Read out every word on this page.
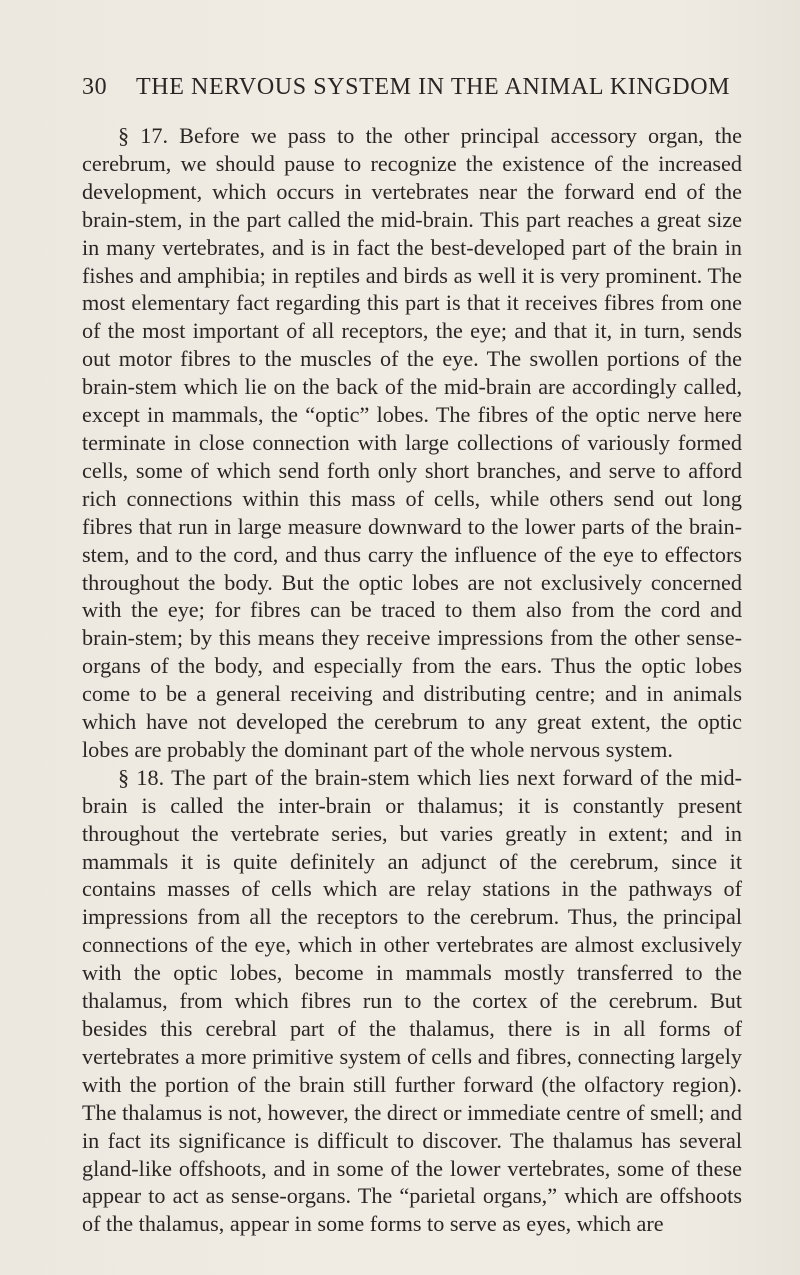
30 THE NERVOUS SYSTEM IN THE ANIMAL KINGDOM

§ 17. Before we pass to the other principal accessory organ, the cerebrum, we should pause to recognize the existence of the increased development, which occurs in vertebrates near the forward end of the brain-stem, in the part called the mid-brain. This part reaches a great size in many vertebrates, and is in fact the best-developed part of the brain in fishes and amphibia; in reptiles and birds as well it is very prominent. The most elementary fact regarding this part is that it receives fibres from one of the most important of all receptors, the eye; and that it, in turn, sends out motor fibres to the muscles of the eye. The swollen portions of the brain-stem which lie on the back of the mid-brain are accordingly called, except in mammals, the “optic” lobes. The fibres of the optic nerve here terminate in close connection with large collections of variously formed cells, some of which send forth only short branches, and serve to afford rich connections within this mass of cells, while others send out long fibres that run in large measure downward to the lower parts of the brain-stem, and to the cord, and thus carry the influence of the eye to effectors throughout the body. But the optic lobes are not exclusively concerned with the eye; for fibres can be traced to them also from the cord and brain-stem; by this means they receive impressions from the other sense-organs of the body, and especially from the ears. Thus the optic lobes come to be a general receiving and distributing centre; and in animals which have not developed the cerebrum to any great extent, the optic lobes are probably the dominant part of the whole nervous system.

§ 18. The part of the brain-stem which lies next forward of the mid-brain is called the inter-brain or thalamus; it is constantly present throughout the vertebrate series, but varies greatly in extent; and in mammals it is quite definitely an adjunct of the cerebrum, since it contains masses of cells which are relay stations in the pathways of impressions from all the receptors to the cerebrum. Thus, the principal connections of the eye, which in other vertebrates are almost exclusively with the optic lobes, become in mammals mostly transferred to the thalamus, from which fibres run to the cortex of the cerebrum. But besides this cerebral part of the thalamus, there is in all forms of vertebrates a more primitive system of cells and fibres, connecting largely with the portion of the brain still further forward (the olfactory region). The thalamus is not, however, the direct or immediate centre of smell; and in fact its significance is difficult to discover. The thalamus has several gland-like offshoots, and in some of the lower vertebrates, some of these appear to act as sense-organs. The “parietal organs,” which are offshoots of the thalamus, appear in some forms to serve as eyes, which are
